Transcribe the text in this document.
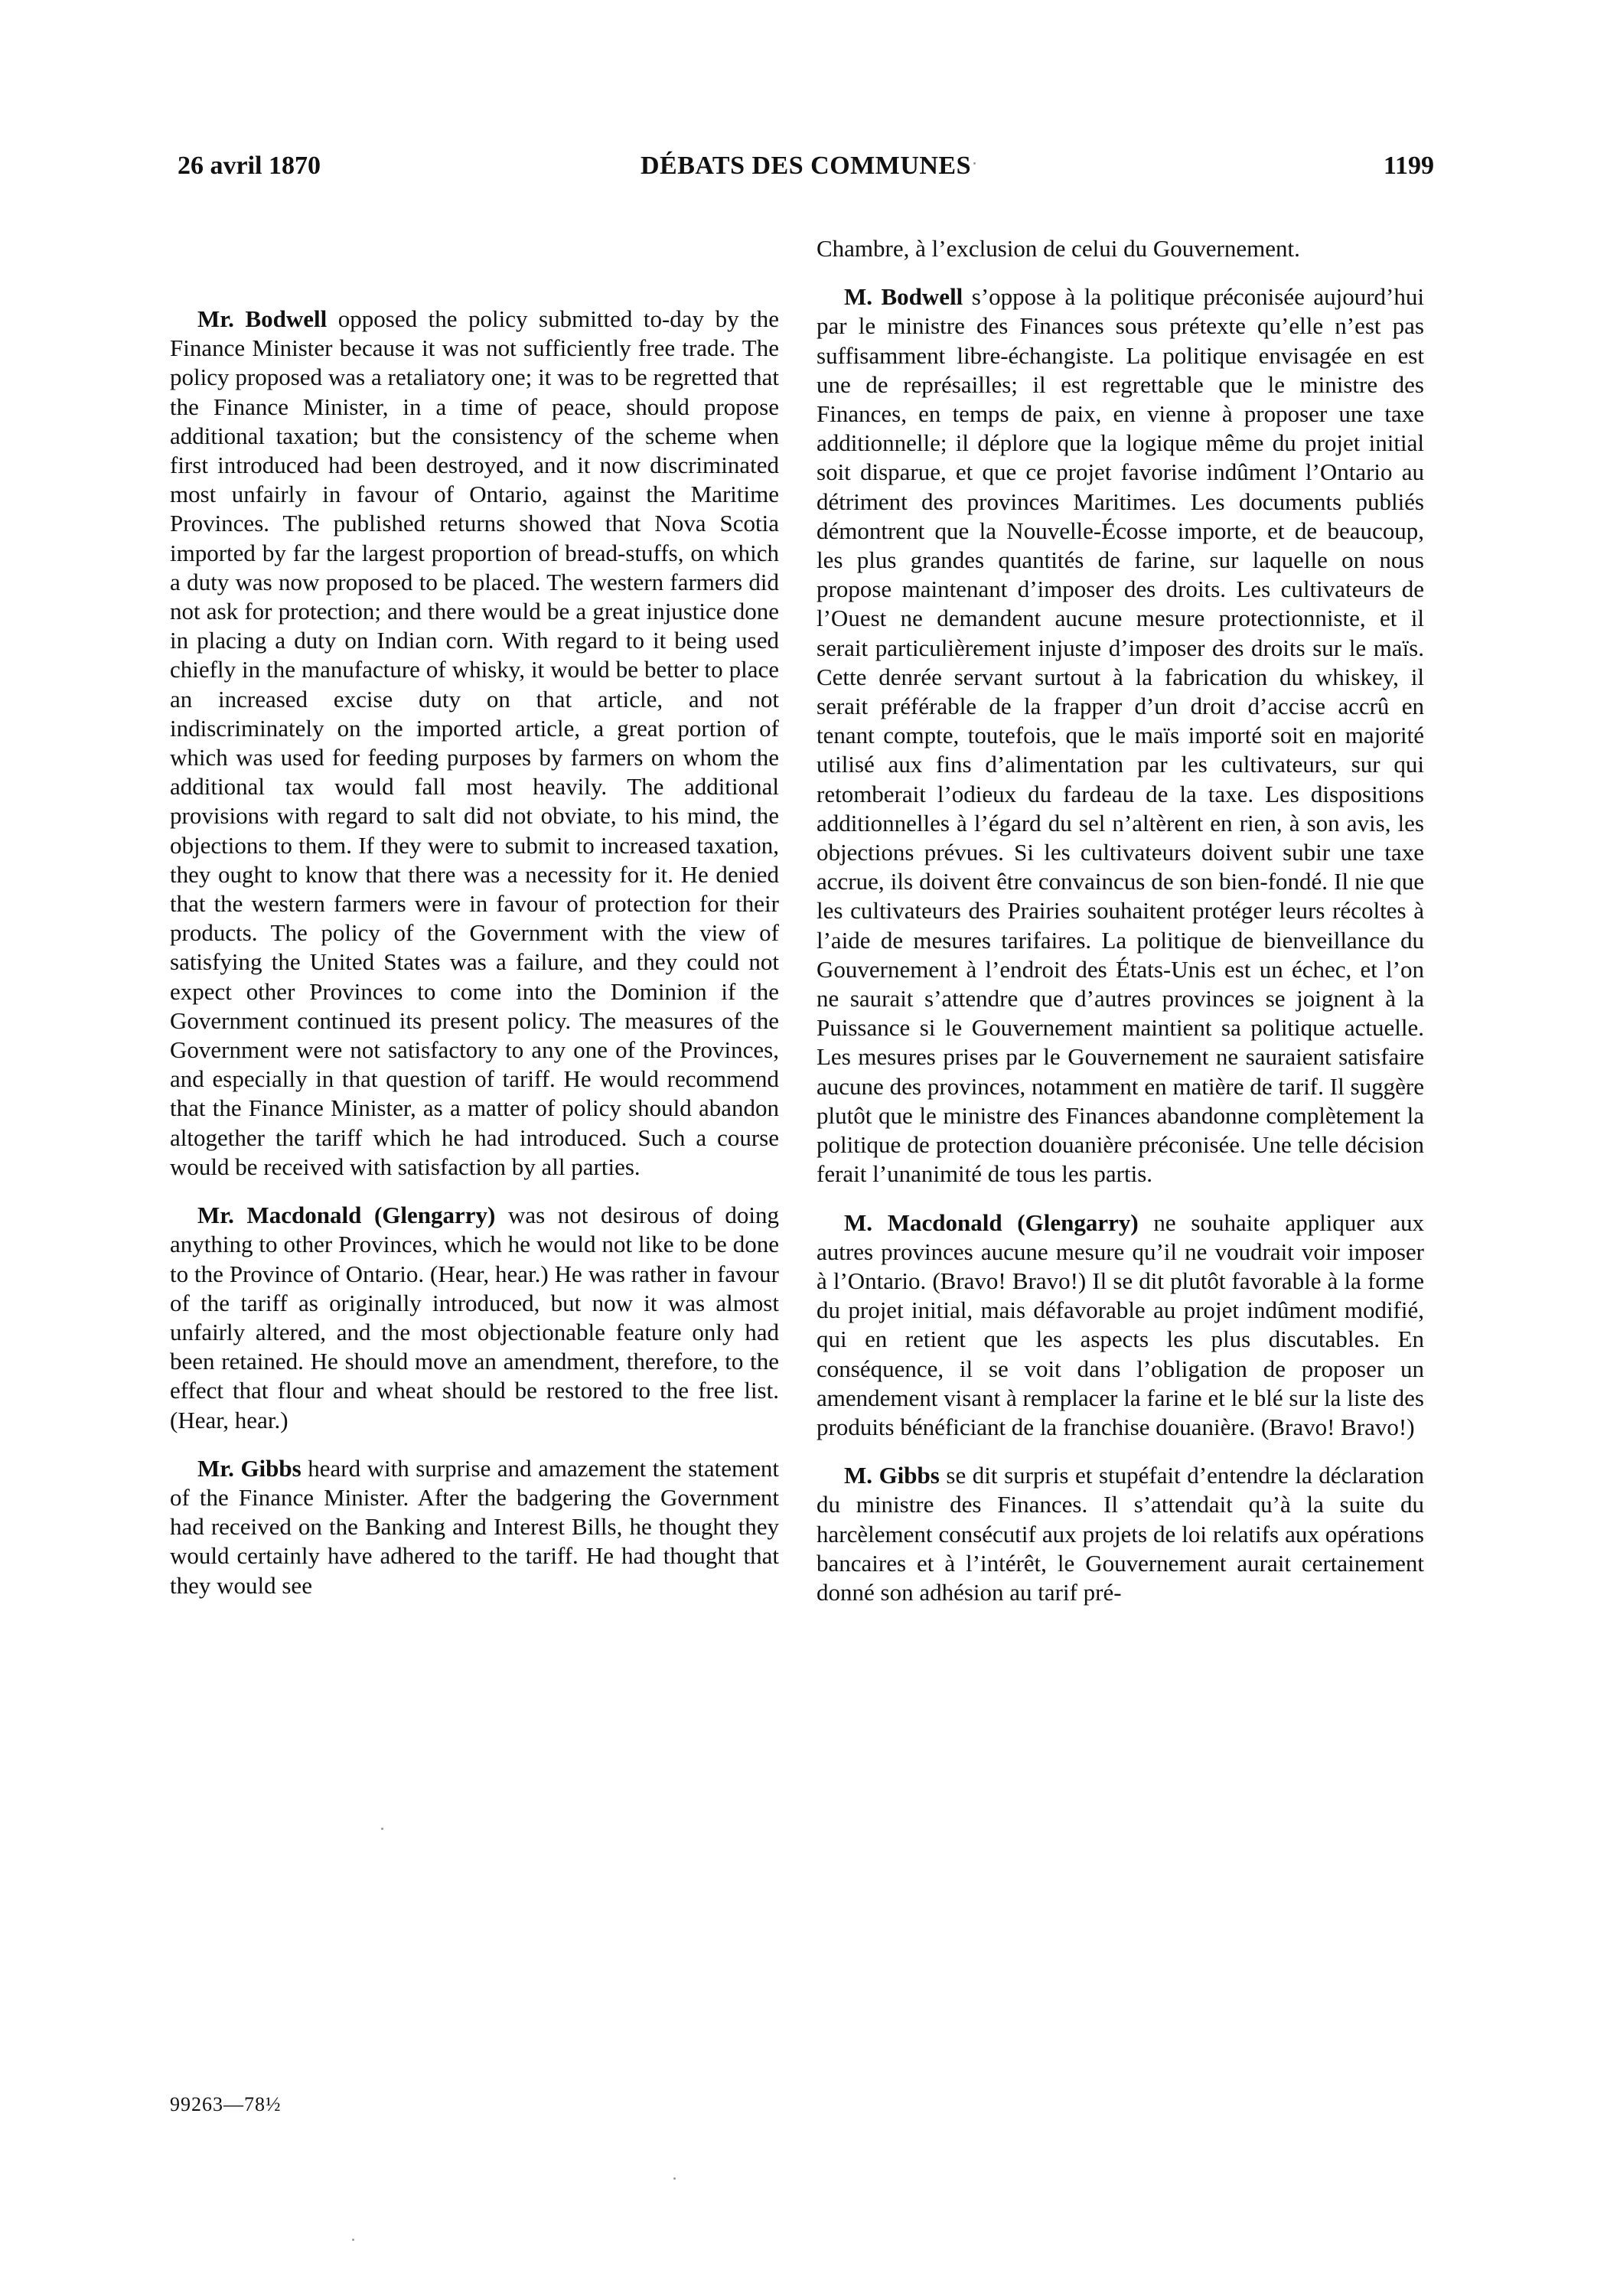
26 avril 1870	DÉBATS DES COMMUNES	1199

Mr. Bodwell opposed the policy submitted to-day by the Finance Minister because it was not sufficiently free trade. The policy proposed was a retaliatory one; it was to be regretted that the Finance Minister, in a time of peace, should propose additional taxation; but the consistency of the scheme when first introduced had been destroyed, and it now discriminated most unfairly in favour of Ontario, against the Maritime Provinces. The published returns showed that Nova Scotia imported by far the largest proportion of bread-stuffs, on which a duty was now proposed to be placed. The western farmers did not ask for protection; and there would be a great injustice done in placing a duty on Indian corn. With regard to it being used chiefly in the manufacture of whisky, it would be better to place an increased excise duty on that article, and not indiscriminately on the imported article, a great portion of which was used for feeding purposes by farmers on whom the additional tax would fall most heavily. The additional provisions with regard to salt did not obviate, to his mind, the objections to them. If they were to submit to increased taxation, they ought to know that there was a necessity for it. He denied that the western farmers were in favour of protection for their products. The policy of the Government with the view of satisfying the United States was a failure, and they could not expect other Provinces to come into the Dominion if the Government continued its present policy. The measures of the Government were not satisfactory to any one of the Provinces, and especially in that question of tariff. He would recommend that the Finance Minister, as a matter of policy should abandon altogether the tariff which he had introduced. Such a course would be received with satisfaction by all parties.

Mr. Macdonald (Glengarry) was not desirous of doing anything to other Provinces, which he would not like to be done to the Province of Ontario. (Hear, hear.) He was rather in favour of the tariff as originally introduced, but now it was almost unfairly altered, and the most objectionable feature only had been retained. He should move an amendment, therefore, to the effect that flour and wheat should be restored to the free list. (Hear, hear.)

Mr. Gibbs heard with surprise and amazement the statement of the Finance Minister. After the badgering the Government had received on the Banking and Interest Bills, he thought they would certainly have adhered to the tariff. He had thought that they would see

Chambre, à l’exclusion de celui du Gouvernement.

M. Bodwell s’oppose à la politique préconisée aujourd’hui par le ministre des Finances sous prétexte qu’elle n’est pas suffisamment libre-échangiste. La politique envisagée en est une de représailles; il est regrettable que le ministre des Finances, en temps de paix, en vienne à proposer une taxe additionnelle; il déplore que la logique même du projet initial soit disparue, et que ce projet favorise indûment l’Ontario au détriment des provinces Maritimes. Les documents publiés démontrent que la Nouvelle-Écosse importe, et de beaucoup, les plus grandes quantités de farine, sur laquelle on nous propose maintenant d’imposer des droits. Les cultivateurs de l’Ouest ne demandent aucune mesure protectionniste, et il serait particulièrement injuste d’imposer des droits sur le maïs. Cette denrée servant surtout à la fabrication du whiskey, il serait préférable de la frapper d’un droit d’accise accrû en tenant compte, toutefois, que le maïs importé soit en majorité utilisé aux fins d’alimentation par les cultivateurs, sur qui retomberait l’odieux du fardeau de la taxe. Les dispositions additionnelles à l’égard du sel n’altèrent en rien, à son avis, les objections prévues. Si les cultivateurs doivent subir une taxe accrue, ils doivent être convaincus de son bien-fondé. Il nie que les cultivateurs des Prairies souhaitent protéger leurs récoltes à l’aide de mesures tarifaires. La politique de bienveillance du Gouvernement à l’endroit des États-Unis est un échec, et l’on ne saurait s’attendre que d’autres provinces se joignent à la Puissance si le Gouvernement maintient sa politique actuelle. Les mesures prises par le Gouvernement ne sauraient satisfaire aucune des provinces, notamment en matière de tarif. Il suggère plutôt que le ministre des Finances abandonne complètement la politique de protection douanière préconisée. Une telle décision ferait l’unanimité de tous les partis.

M. Macdonald (Glengarry) ne souhaite appliquer aux autres provinces aucune mesure qu’il ne voudrait voir imposer à l’Ontario. (Bravo! Bravo!) Il se dit plutôt favorable à la forme du projet initial, mais défavorable au projet indûment modifié, qui en retient que les aspects les plus discutables. En conséquence, il se voit dans l’obligation de proposer un amendement visant à remplacer la farine et le blé sur la liste des produits bénéficiant de la franchise douanière. (Bravo! Bravo!)

M. Gibbs se dit surpris et stupéfait d’entendre la déclaration du ministre des Finances. Il s’attendait qu’à la suite du harcèlement consécutif aux projets de loi relatifs aux opérations bancaires et à l’intérêt, le Gouvernement aurait certainement donné son adhésion au tarif pré-

99263—78½
